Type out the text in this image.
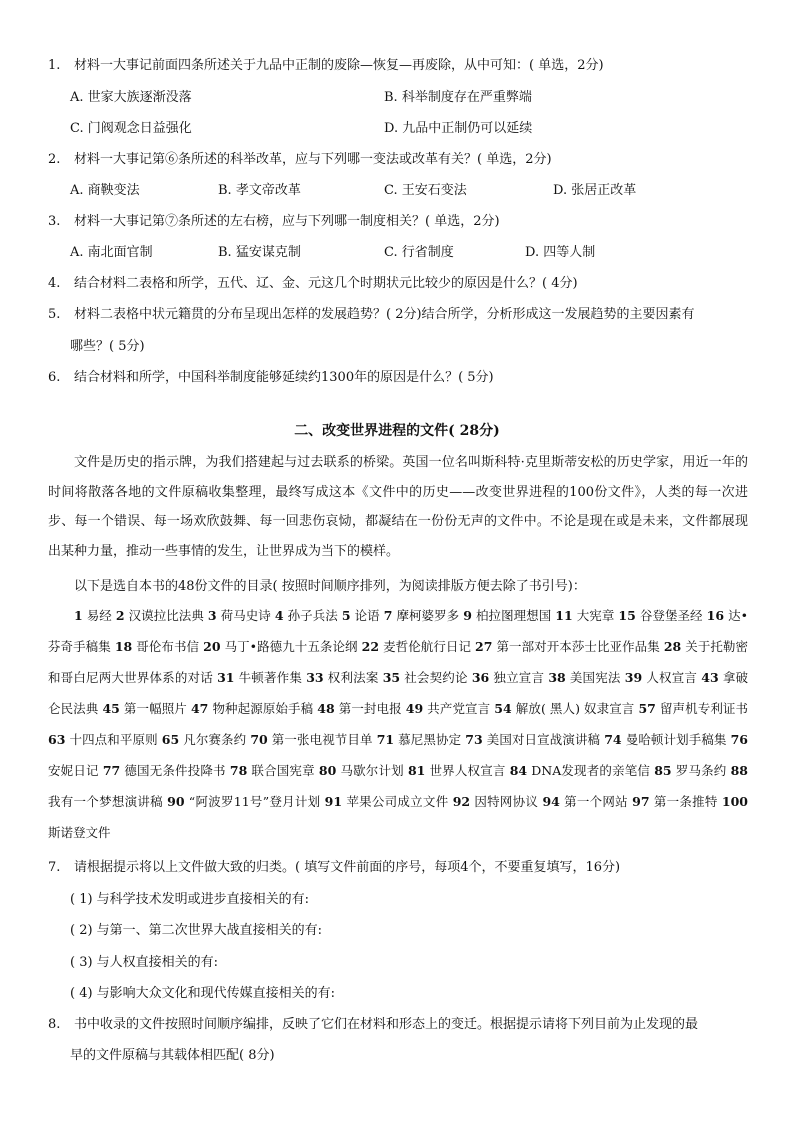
1. 材料一大事记前面四条所述关于九品中正制的废除—恢复—再废除，从中可知：( 单选，2分)
A. 世家大族逐渐没落	B. 科举制度存在严重弊端
C. 门阀观念日益强化	D. 九品中正制仍可以延续
2. 材料一大事记第⑥条所述的科举改革，应与下列哪一变法或改革有关？( 单选，2分)
A. 商鞅变法	B. 孝文帝改革	C. 王安石变法	D. 张居正改革
3. 材料一大事记第⑦条所述的左右榜，应与下列哪一制度相关？( 单选，2分)
A. 南北面官制	B. 猛安谋克制	C. 行省制度	D. 四等人制
4. 结合材料二表格和所学，五代、辽、金、元这几个时期状元比较少的原因是什么？( 4分)
5. 材料二表格中状元籍贯的分布呈现出怎样的发展趋势？( 2分)结合所学，分析形成这一发展趋势的主要因素有
哪些？( 5分)
6. 结合材料和所学，中国科举制度能够延续约1300年的原因是什么？( 5分)
二、改变世界进程的文件( 28分)
文件是历史的指示牌，为我们搭建起与过去联系的桥梁。英国一位名叫斯科特·克里斯蒂安松的历史学家，用近一年的时间将散落各地的文件原稿收集整理，最终写成这本《文件中的历史——改变世界进程的100份文件》，人类的每一次进步、每一个错误、每一场欢欣鼓舞、每一回悲伤哀恸，都凝结在一份份无声的文件中。不论是现在或是未来，文件都展现出某种力量，推动一些事情的发生，让世界成为当下的模样。
以下是选自本书的48份文件的目录( 按照时间顺序排列，为阅读排版方便去除了书引号)：
1 易经 2 汉谟拉比法典 3 荷马史诗 4 孙子兵法 5 论语 7 摩柯婆罗多 9 柏拉图理想国 11 大宪章 15 谷登堡圣经 16 达•芬奇手稿集 18 哥伦布书信 20 马丁•路德九十五条论纲 22 麦哲伦航行日记 27 第一部对开本莎士比亚作品集 28 关于托勒密和哥白尼两大世界体系的对话 31 牛顿著作集 33 权利法案 35 社会契约论 36 独立宣言 38 美国宪法 39 人权宣言 43 拿破仑民法典 45 第一幅照片 47 物种起源原始手稿 48 第一封电报 49 共产党宣言 54 解放( 黑人) 奴隶宣言 57 留声机专利证书 63 十四点和平原则 65 凡尔赛条约 70 第一张电视节目单 71 慕尼黑协定 73 美国对日宣战演讲稿 74 曼哈顿计划手稿集 76 安妮日记 77 德国无条件投降书 78 联合国宪章 80 马歇尔计划 81 世界人权宣言 84 DNA发现者的亲笔信 85 罗马条约 88 我有一个梦想演讲稿 90 “阿波罗11号”登月计划 91 苹果公司成立文件 92 因特网协议 94 第一个网站 97 第一条推特 100 斯诺登文件
7. 请根据提示将以上文件做大致的归类。( 填写文件前面的序号，每项4个，不要重复填写，16分)
( 1) 与科学技术发明或进步直接相关的有:
( 2) 与第一、第二次世界大战直接相关的有:
( 3) 与人权直接相关的有:
( 4) 与影响大众文化和现代传媒直接相关的有:
8. 书中收录的文件按照时间顺序编排，反映了它们在材料和形态上的变迁。根据提示请将下列目前为止发现的最
早的文件原稿与其载体相匹配( 8分)
